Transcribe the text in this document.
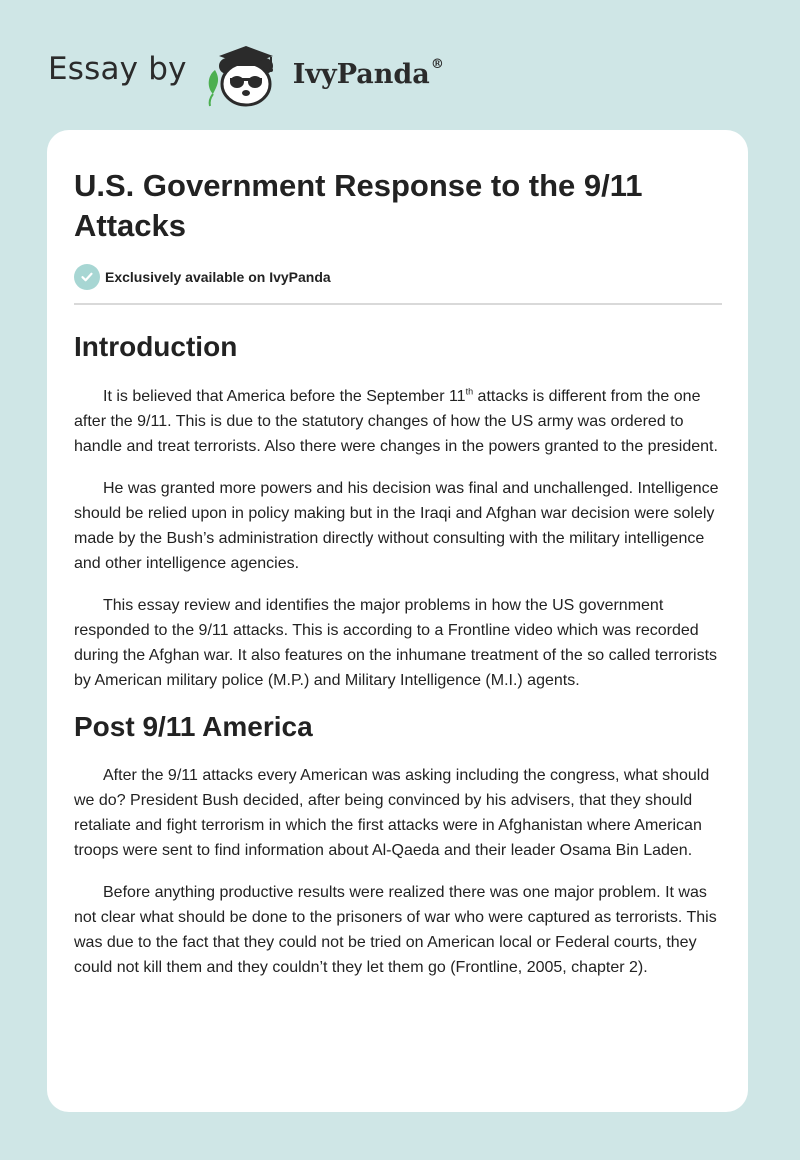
Essay by	IvyPanda®
U.S. Government Response to the 9/11 Attacks
Exclusively available on IvyPanda
Introduction

It is believed that America before the September 11th attacks is different from the one after the 9/11. This is due to the statutory changes of how the US army was ordered to handle and treat terrorists. Also there were changes in the powers granted to the president.

He was granted more powers and his decision was final and unchallenged. Intelligence should be relied upon in policy making but in the Iraqi and Afghan war decision were solely made by the Bush’s administration directly without consulting with the military intelligence and other intelligence agencies.

This essay review and identifies the major problems in how the US government responded to the 9/11 attacks. This is according to a Frontline video which was recorded during the Afghan war. It also features on the inhumane treatment of the so called terrorists by American military police (M.P.) and Military Intelligence (M.I.) agents.

Post 9/11 America

After the 9/11 attacks every American was asking including the congress, what should we do? President Bush decided, after being convinced by his advisers, that they should retaliate and fight terrorism in which the first attacks were in Afghanistan where American troops were sent to find information about Al-Qaeda and their leader Osama Bin Laden.

Before anything productive results were realized there was one major problem. It was not clear what should be done to the prisoners of war who were captured as terrorists. This was due to the fact that they could not be tried on American local or Federal courts, they could not kill them and they couldn’t they let them go (Frontline, 2005, chapter 2).
